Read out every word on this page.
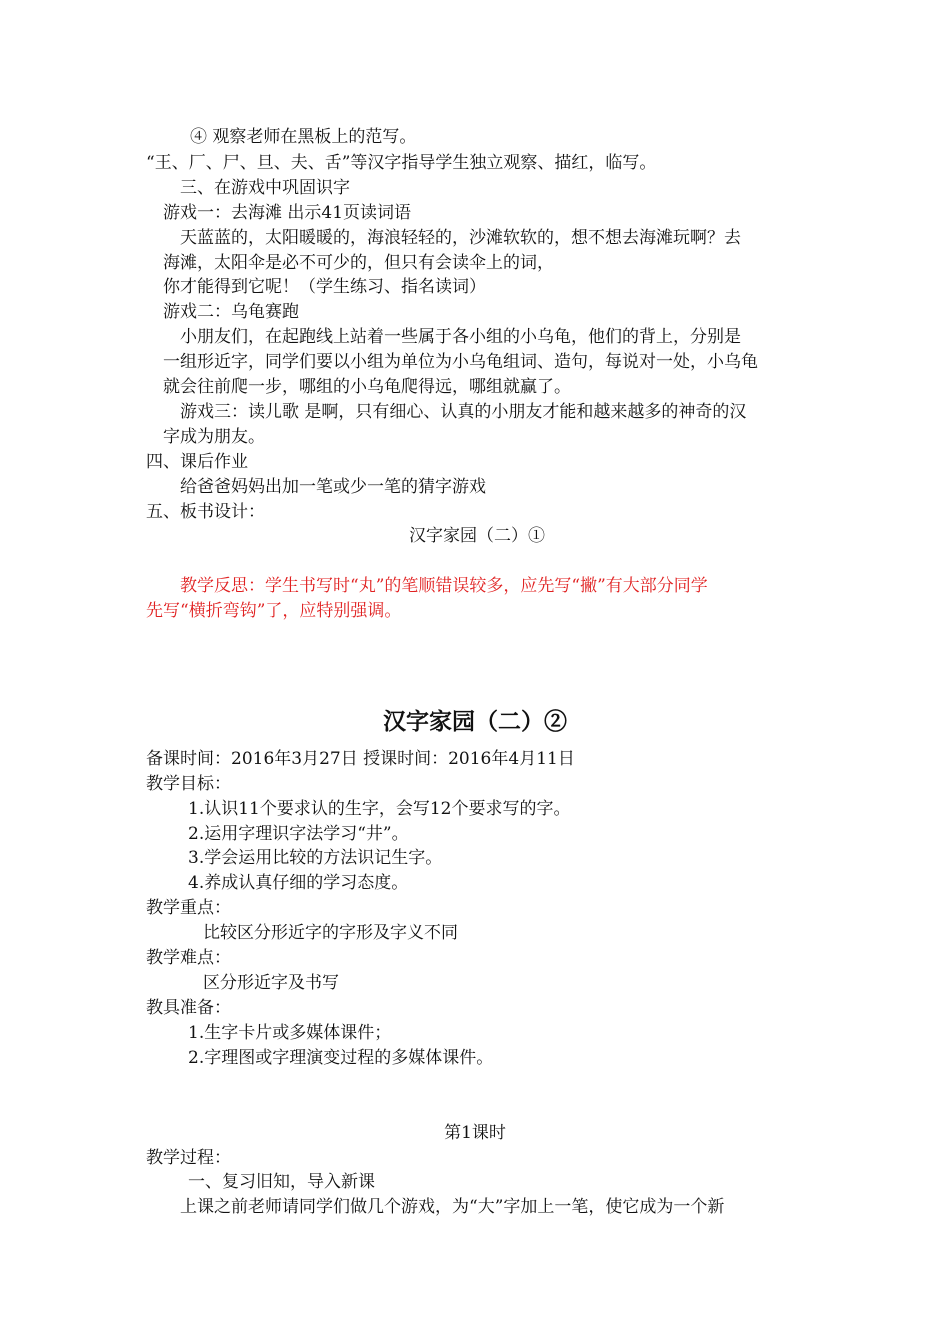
④ 观察老师在黑板上的范写。
“王、厂、尸、旦、夫、舌”等汉字指导学生独立观察、描红，临写。
三、在游戏中巩固识字
游戏一：去海滩 出示41页读词语
天蓝蓝的，太阳暖暖的，海浪轻轻的，沙滩软软的，想不想去海滩玩啊？去
海滩，太阳伞是必不可少的，但只有会读伞上的词，
你才能得到它呢！（学生练习、指名读词）
游戏二：乌龟赛跑
小朋友们，在起跑线上站着一些属于各小组的小乌龟，他们的背上，分别是
一组形近字，同学们要以小组为单位为小乌龟组词、造句，每说对一处，小乌龟
就会往前爬一步，哪组的小乌龟爬得远，哪组就赢了。
游戏三：读儿歌 是啊，只有细心、认真的小朋友才能和越来越多的神奇的汉
字成为朋友。
四、课后作业
给爸爸妈妈出加一笔或少一笔的猜字游戏
五、板书设计：
汉字家园（二）①
教学反思：学生书写时“丸”的笔顺错误较多，应先写“撇”有大部分同学
先写“横折弯钩”了，应特别强调。
汉字家园（二）②
备课时间：2016年3月27日 授课时间：2016年4月11日
教学目标：
1.认识11个要求认的生字，会写12个要求写的字。
2.运用字理识字法学习“井”。
3.学会运用比较的方法识记生字。
4.养成认真仔细的学习态度。
教学重点：
比较区分形近字的字形及字义不同
教学难点：
区分形近字及书写
教具准备：
1.生字卡片或多媒体课件；
2.字理图或字理演变过程的多媒体课件。
第1课时
教学过程：
一、复习旧知，导入新课
上课之前老师请同学们做几个游戏，为“大”字加上一笔，使它成为一个新
